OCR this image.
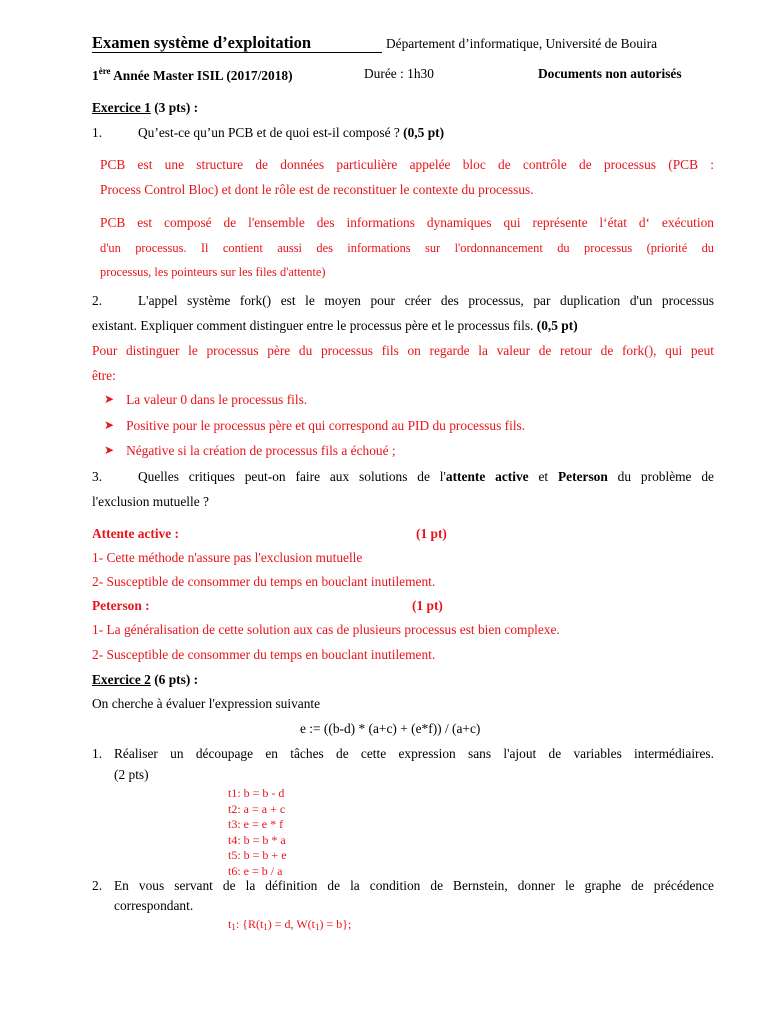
Examen système d’exploitation	Département d’informatique, Université de Bouira
1ère Année Master ISIL (2017/2018)	Durée : 1h30	Documents non autorisés
Exercice 1 (3 pts) :
1.	Qu’est-ce qu’un PCB et de quoi est-il composé ? (0,5 pt)
PCB est une structure de données particulière appelée bloc de contrôle de processus (PCB :
Process Control Bloc) et dont le rôle est de reconstituer le contexte du processus.
PCB est composé de l'ensemble des informations dynamiques qui représente l‘état d‘ exécution
d'un processus. Il contient aussi des informations sur l'ordonnancement du processus (priorité du
processus, les pointeurs sur les files d'attente)
2.	L'appel système fork() est le moyen pour créer des processus, par duplication d'un processus
existant. Expliquer comment distinguer entre le processus père et le processus fils. (0,5 pt)
Pour distinguer le processus père du processus fils on regarde la valeur de retour de fork(), qui peut
être:
➤ La valeur 0 dans le processus fils.
➤ Positive pour le processus père et qui correspond au PID du processus fils.
➤ Négative si la création de processus fils a échoué ;
3.	Quelles critiques peut-on faire aux solutions de l'attente active et Peterson du problème de
l'exclusion mutuelle ?
Attente active :	(1 pt)
1- Cette méthode n'assure pas l'exclusion mutuelle
2- Susceptible de consommer du temps en bouclant inutilement.
Peterson :	(1 pt)
1- La généralisation de cette solution aux cas de plusieurs processus est bien complexe.
2- Susceptible de consommer du temps en bouclant inutilement.
Exercice 2 (6 pts) :
On cherche à évaluer l'expression suivante
e := ((b-d) * (a+c) + (e*f)) / (a+c)
1. Réaliser un découpage en tâches de cette expression sans l'ajout de variables intermédiaires.
(2 pts)
t1: b = b - d
t2: a = a + c
t3: e = e * f
t4: b = b * a
t5: b = b + e
t6: e = b / a
2. En vous servant de la définition de la condition de Bernstein, donner le graphe de précédence
correspondant.
$t_1$: {$R(t_1) = d$, $W(t_1) = b$};
